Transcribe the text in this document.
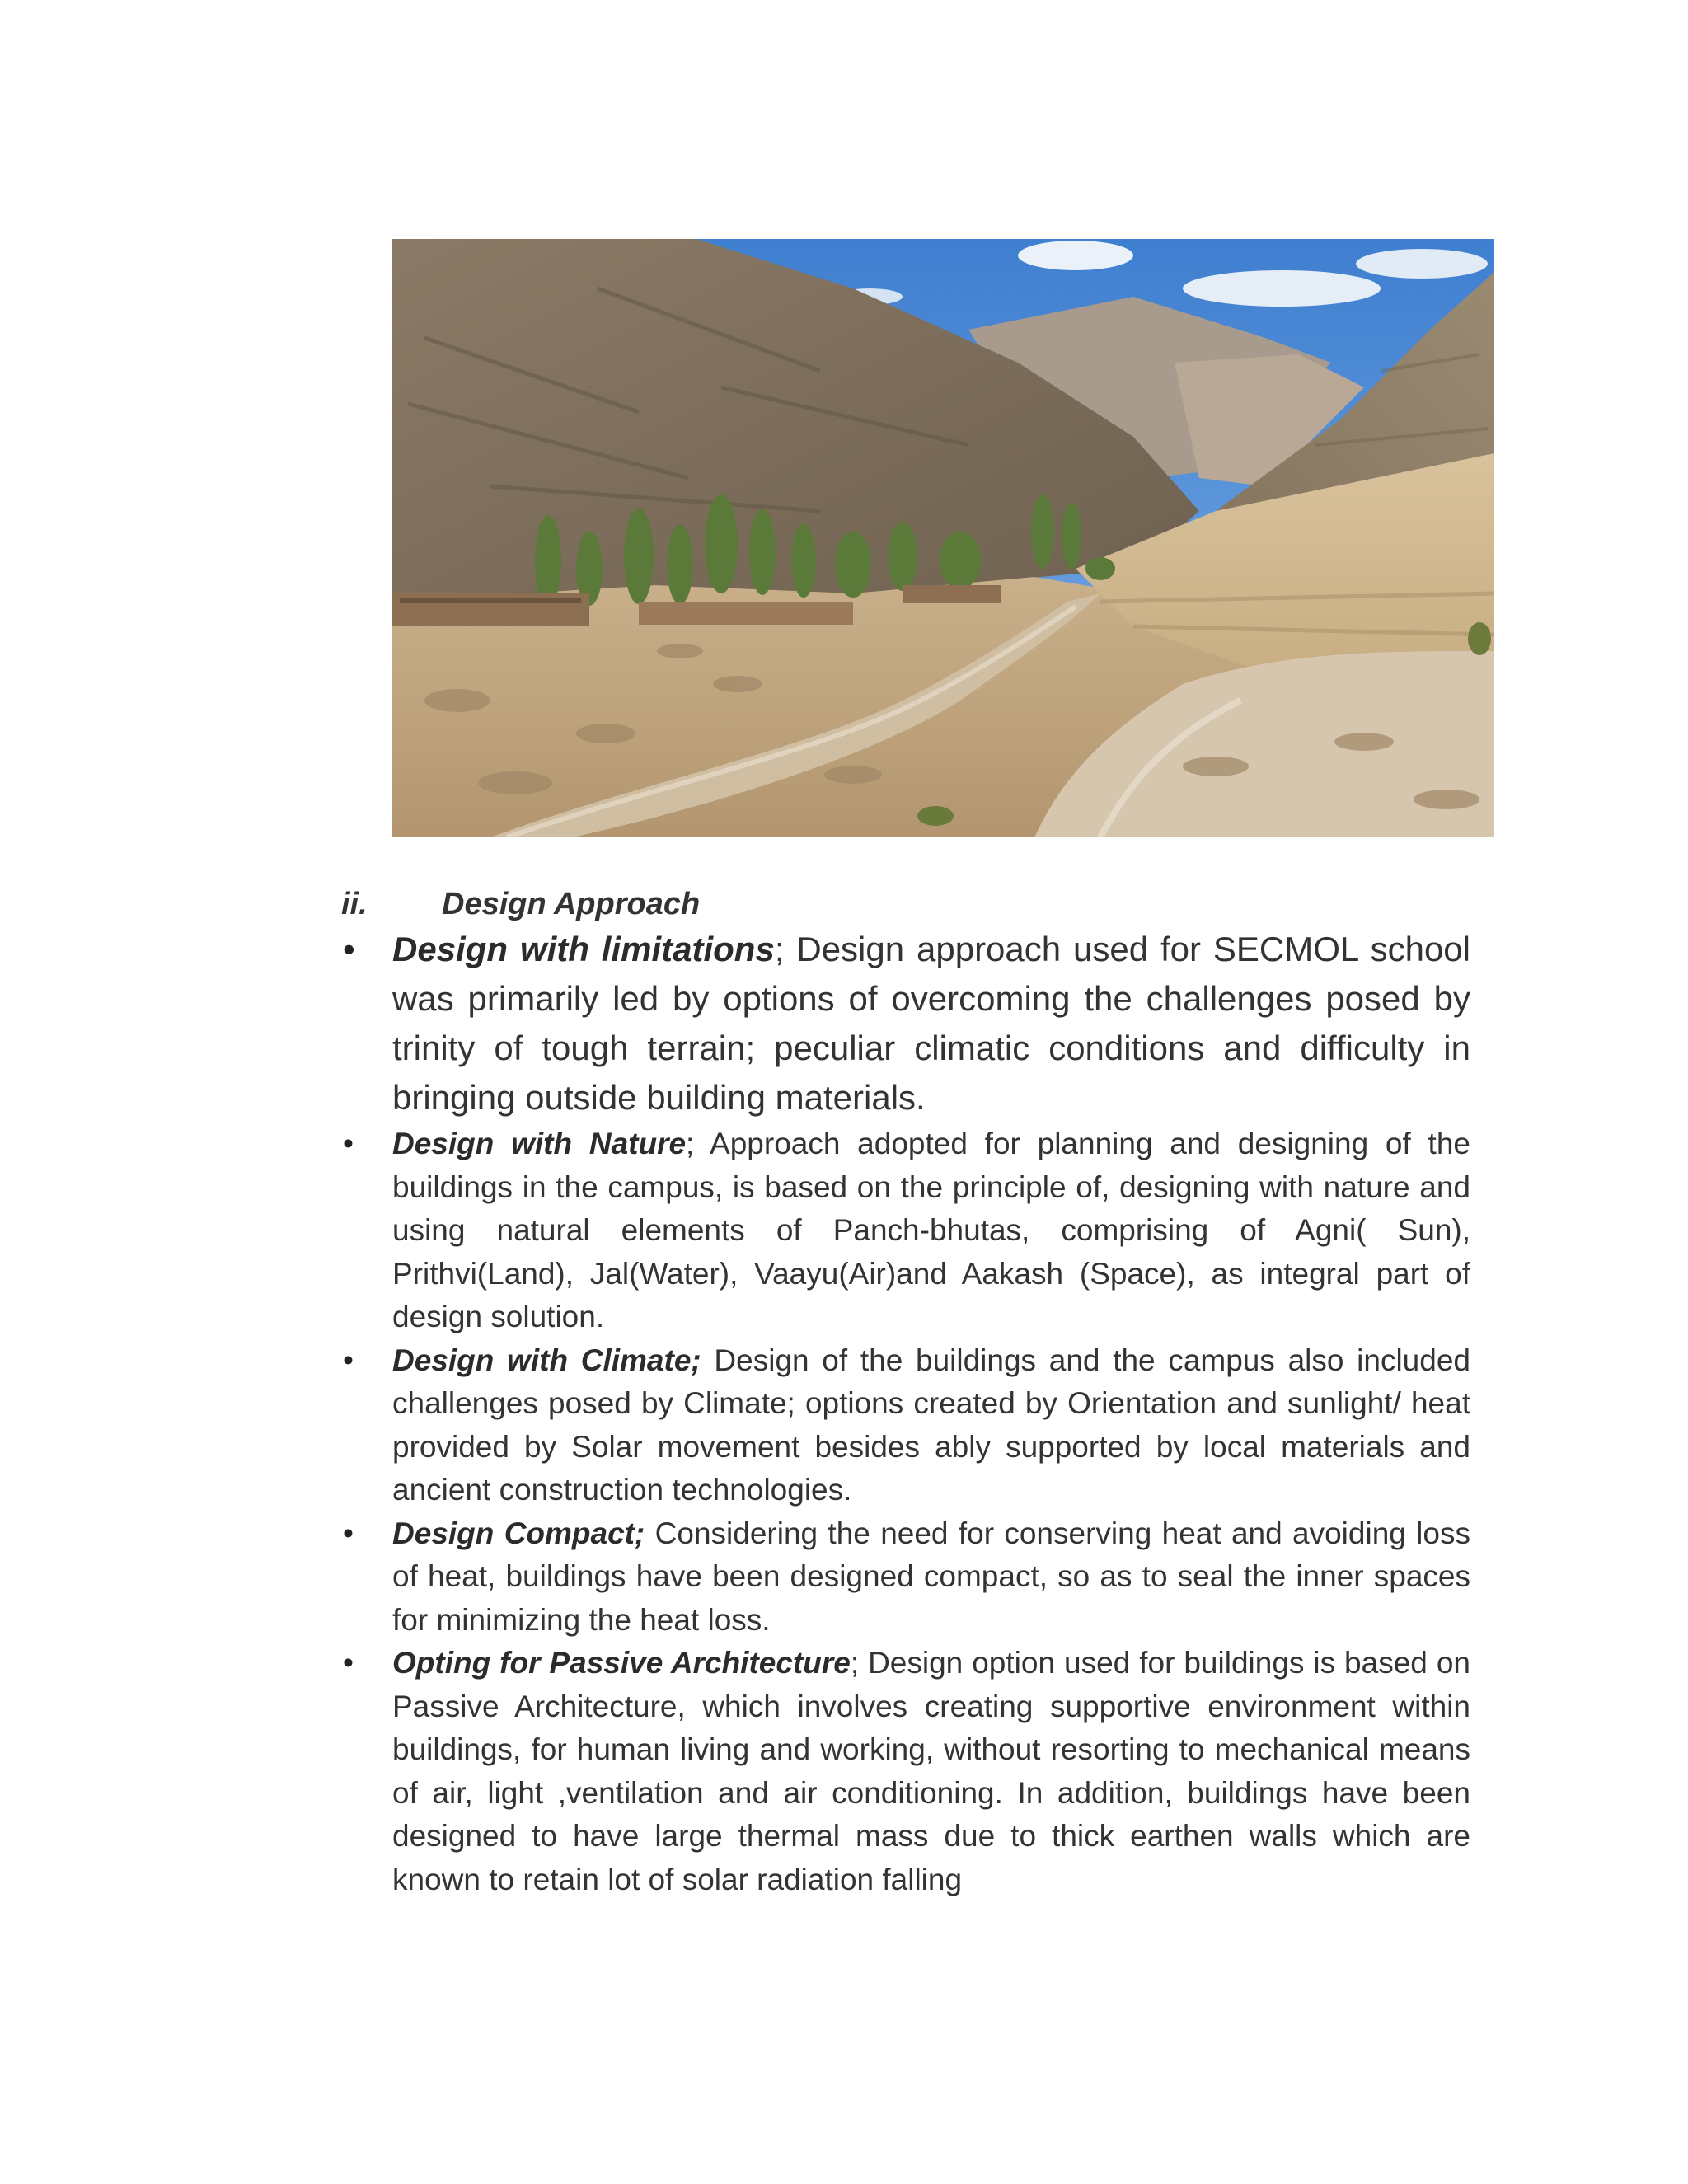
ii. Design Approach
• Design with limitations; Design approach used for SECMOL school was primarily led by options of overcoming the challenges posed by trinity of tough terrain; peculiar climatic conditions and difficulty in bringing outside building materials.
• Design with Nature; Approach adopted for planning and designing of the buildings in the campus, is based on the principle of, designing with nature and using natural elements of Panch-bhutas, comprising of Agni( Sun), Prithvi(Land), Jal(Water), Vaayu(Air)and Aakash (Space), as integral part of design solution.
• Design with Climate; Design of the buildings and the campus also included challenges posed by Climate; options created by Orientation and sunlight/ heat provided by Solar movement besides ably supported by local materials and ancient construction technologies.
• Design Compact; Considering the need for conserving heat and avoiding loss of heat, buildings have been designed compact, so as to seal the inner spaces for minimizing the heat loss.
• Opting for Passive Architecture; Design option used for buildings is based on Passive Architecture, which involves creating supportive environment within buildings, for human living and working, without resorting to mechanical means of air, light ,ventilation and air conditioning. In addition, buildings have been designed to have large thermal mass due to thick earthen walls which are known to retain lot of solar radiation falling
